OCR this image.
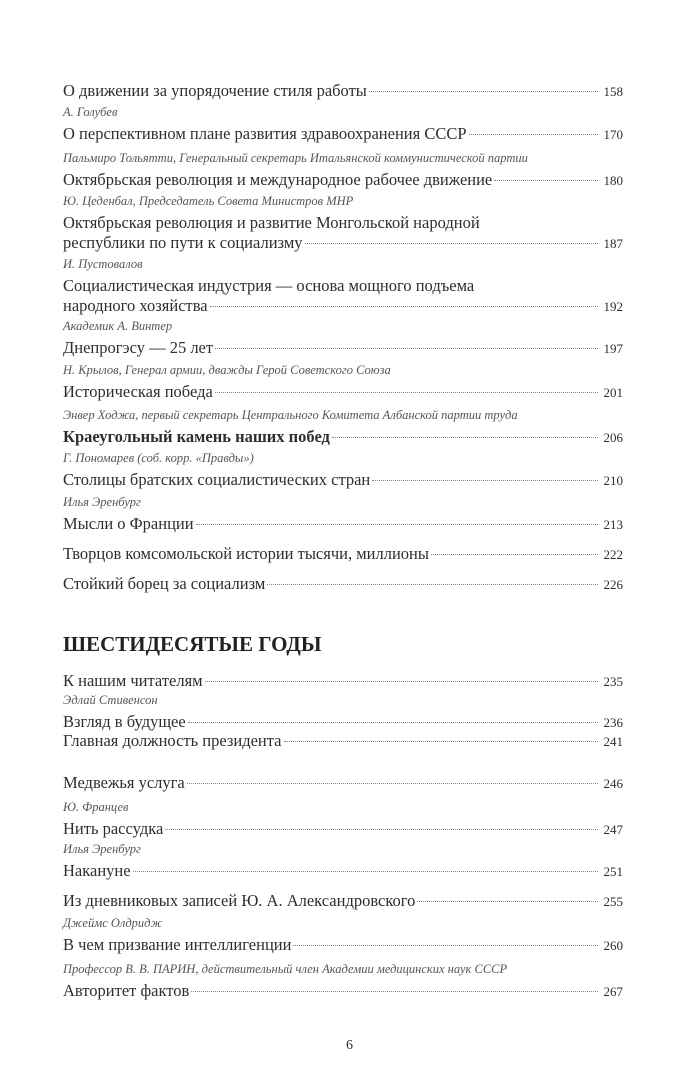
О движении за упорядочение стиля работы	158
А. Голубев
О перспективном плане развития здравоохранения СССР	170
Пальмиро Тольятти, Генеральный секретарь Итальянской коммунистической партии
Октябрьская революция и международное рабочее движение	180
Ю. Цеденбал, Председатель Совета Министров МНР
Октябрьская революция и развитие Монгольской народной
республики по пути к социализму	187
И. Пустовалов
Социалистическая индустрия — основа мощного подъема
народного хозяйства	192
Академик А. Винтер
Днепрогэсу — 25 лет	197
Н. Крылов, Генерал армии, дважды Герой Советского Союза
Историческая победа	201
Энвер Ходжа, первый секретарь Центрального Комитета Албанской партии труда
Краеугольный камень наших побед	206
Г. Пономарев (соб. корр. «Правды»)
Столицы братских социалистических стран	210
Илья Эренбург
Мысли о Франции	213
Творцов комсомольской истории тысячи, миллионы	222
Стойкий борец за социализм	226
К нашим читателям	235
Эдлай Стивенсон
Взгляд в будущее	236
Главная должность президента	241
Медвежья услуга	246
Ю. Францев
Нить рассудка	247
Илья Эренбург
Накануне	251
Из дневниковых записей Ю. А. Александровского	255
Джеймс Олдридж
В чем призвание интеллигенции	260
Профессор В. В. ПАРИН, действительный член Академии медицинских наук СССР
Авторитет фактов	267
ШЕСТИДЕСЯТЫЕ ГОДЫ
6
